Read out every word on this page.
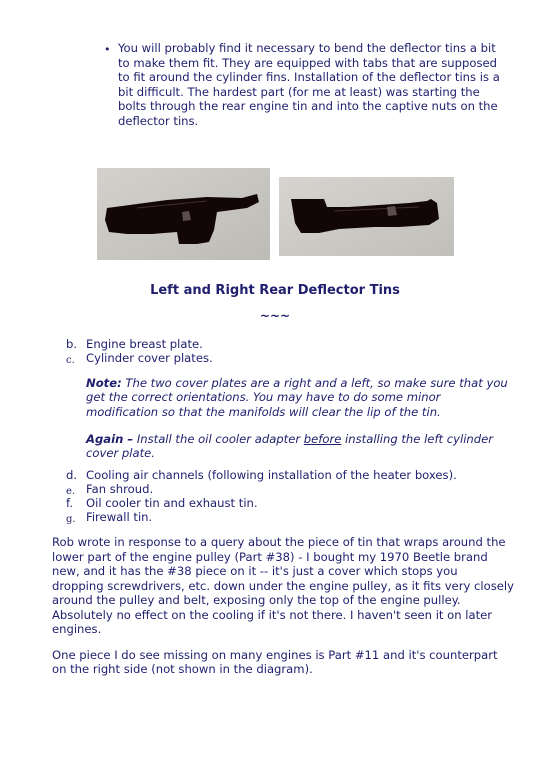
• You will probably find it necessary to bend the deflector tins a bit
to make them fit. They are equipped with tabs that are supposed
to fit around the cylinder fins. Installation of the deflector tins is a
bit difficult. The hardest part (for me at least) was starting the
bolts through the rear engine tin and into the captive nuts on the
deflector tins.
Left and Right Rear Deflector Tins
~~~
b. Engine breast plate.
c. Cylinder cover plates.
Note: The two cover plates are a right and a left, so make sure that you
get the correct orientations. You may have to do some minor
modification so that the manifolds will clear the lip of the tin.
Again – Install the oil cooler adapter before installing the left cylinder
cover plate.
d. Cooling air channels (following installation of the heater boxes).
e. Fan shroud.
f. Oil cooler tin and exhaust tin.
g. Firewall tin.
Rob wrote in response to a query about the piece of tin that wraps around the
lower part of the engine pulley (Part #38) - I bought my 1970 Beetle brand
new, and it has the #38 piece on it -- it's just a cover which stops you
dropping screwdrivers, etc. down under the engine pulley, as it fits very closely
around the pulley and belt, exposing only the top of the engine pulley.
Absolutely no effect on the cooling if it's not there. I haven't seen it on later
engines.
One piece I do see missing on many engines is Part #11 and it's counterpart
on the right side (not shown in the diagram).
